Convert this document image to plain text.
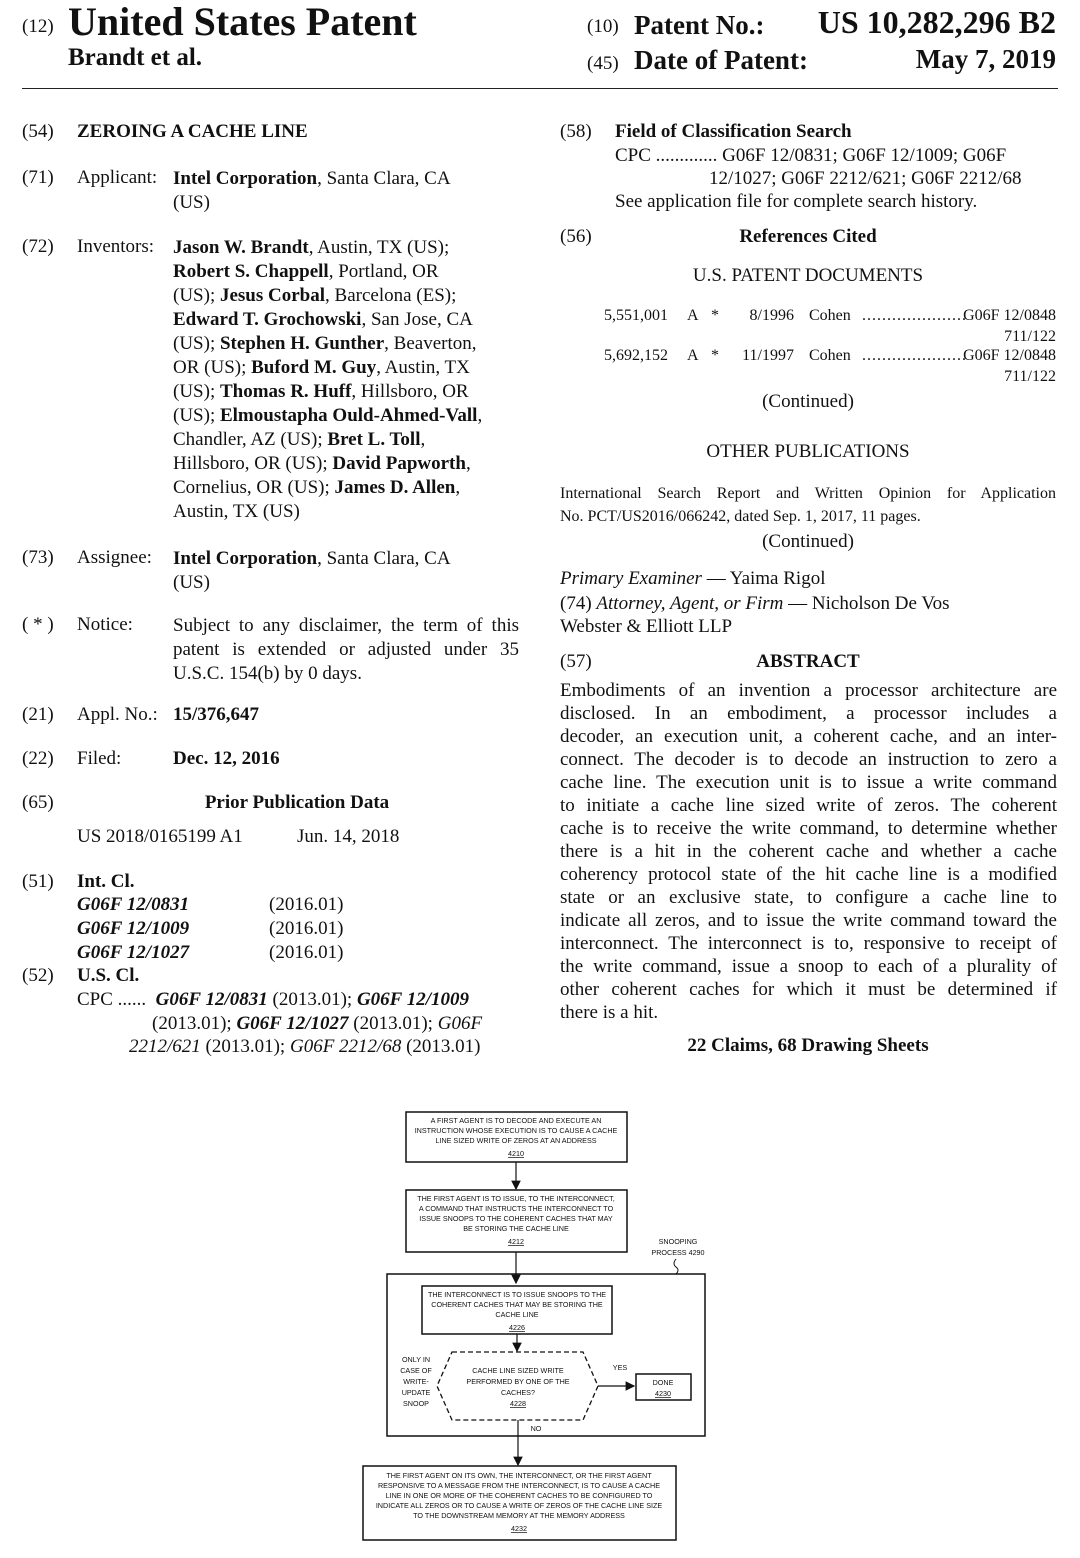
(12) United States Patent
Brandt et al.
(10) Patent No.: US 10,282,296 B2
(45) Date of Patent:	May 7, 2019
(54) ZEROING A CACHE LINE
(71) Applicant: Intel Corporation, Santa Clara, CA
(US)
(72) Inventors: Jason W. Brandt, Austin, TX (US);
Robert S. Chappell, Portland, OR
(US); Jesus Corbal, Barcelona (ES);
Edward T. Grochowski, San Jose, CA
(US); Stephen H. Gunther, Beaverton,
OR (US); Buford M. Guy, Austin, TX
(US); Thomas R. Huff, Hillsboro, OR
(US); Elmoustapha Ould-Ahmed-Vall,
Chandler, AZ (US); Bret L. Toll,
Hillsboro, OR (US); David Papworth,
Cornelius, OR (US); James D. Allen,
Austin, TX (US)
(73) Assignee: Intel Corporation, Santa Clara, CA
(US)
( * ) Notice: Subject to any disclaimer, the term of this
patent is extended or adjusted under 35
U.S.C. 154(b) by 0 days.
(21) Appl. No.: 15/376,647
(22) Filed:	Dec. 12, 2016
(65)	Prior Publication Data
US 2018/0165199 A1	Jun. 14, 2018
(51) Int. Cl.
G06F 12/0831	(2016.01)
G06F 12/1009	(2016.01)
G06F 12/1027	(2016.01)
(52) U.S. Cl.
CPC ...... G06F 12/0831 (2013.01); G06F 12/1009
(2013.01); G06F 12/1027 (2013.01); G06F
2212/621 (2013.01); G06F 2212/68 (2013.01)
(58) Field of Classification Search
CPC ............. G06F 12/0831; G06F 12/1009; G06F
12/1027; G06F 2212/621; G06F 2212/68
See application file for complete search history.
(56)	References Cited
U.S. PATENT DOCUMENTS
5,551,001 A * 8/1996 Cohen .....................
G06F 12/0848
711/122
5,692,152 A * 11/1997 Cohen .....................
G06F 12/0848
711/122
(Continued)
OTHER PUBLICATIONS
International Search Report and Written Opinion for Application
No. PCT/US2016/066242, dated Sep. 1, 2017, 11 pages.
(Continued)
Primary Examiner — Yaima Rigol
(74) Attorney, Agent, or Firm — Nicholson De Vos
Webster & Elliott LLP
(57)	ABSTRACT
Embodiments of an invention a processor architecture are
disclosed. In an embodiment, a processor includes a
decoder, an execution unit, a coherent cache, and an inter-
connect. The decoder is to decode an instruction to zero a
cache line. The execution unit is to issue a write command
to initiate a cache line sized write of zeros. The coherent
cache is to receive the write command, to determine whether
there is a hit in the coherent cache and whether a cache
coherency protocol state of the hit cache line is a modified
state or an exclusive state, to configure a cache line to
indicate all zeros, and to issue the write command toward the
interconnect. The interconnect is to, responsive to receipt of
the write command, issue a snoop to each of a plurality of
other coherent caches for which it must be determined if
there is a hit.
22 Claims, 68 Drawing Sheets
A FIRST AGENT IS TO DECODE AND EXECUTE AN
INSTRUCTION WHOSE EXECUTION IS TO CAUSE A CACHE
LINE SIZED WRITE OF ZEROS AT AN ADDRESS
4210
THE FIRST AGENT IS TO ISSUE, TO THE INTERCONNECT,
A COMMAND THAT INSTRUCTS THE INTERCONNECT TO
ISSUE SNOOPS TO THE COHERENT CACHES THAT MAY
BE STORING THE CACHE LINE
4212	SNOOPING
PROCESS 4290
THE INTERCONNECT IS TO ISSUE SNOOPS TO THE
COHERENT CACHES THAT MAY BE STORING THE
CACHE LINE
4226
ONLY IN
CASE OF
WRITE-
UPDATE
SNOOP
CACHE LINE SIZED WRITE
PERFORMED BY ONE OF THE
CACHES?
4228
YES
DONE
4230
NO
THE FIRST AGENT ON ITS OWN, THE INTERCONNECT, OR THE FIRST AGENT
RESPONSIVE TO A MESSAGE FROM THE INTERCONNECT, IS TO CAUSE A CACHE
LINE IN ONE OR MORE OF THE COHERENT CACHES TO BE CONFIGURED TO
INDICATE ALL ZEROS OR TO CAUSE A WRITE OF ZEROS OF THE CACHE LINE SIZE
TO THE DOWNSTREAM MEMORY AT THE MEMORY ADDRESS
4232
